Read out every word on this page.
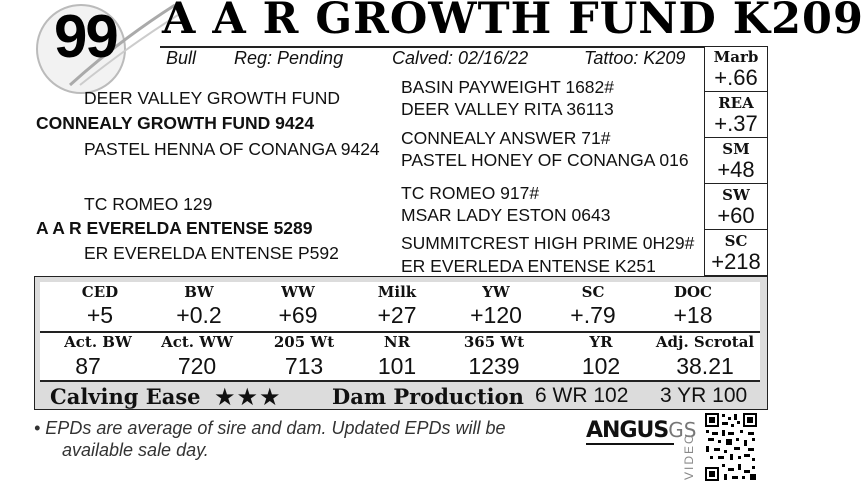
99 A A R GROWTH FUND K209
Bull Reg: Pending	Calved: 02/16/22	Tattoo: K209
DEER VALLEY GROWTH FUND
CONNEALY GROWTH FUND 9424
PASTEL HENNA OF CONANGA 9424
TC ROMEO 129
A A R EVERELDA ENTENSE 5289
ER EVERELDA ENTENSE P592
BASIN PAYWEIGHT 1682#
DEER VALLEY RITA 36113
CONNEALY ANSWER 71#
PASTEL HONEY OF CONANGA 016
TC ROMEO 917#
MSAR LADY ESTON 0643
SUMMITCREST HIGH PRIME 0H29#
ER EVERLEDA ENTENSE K251
Marb
+.66
REA
+.37
SM
+48
SW
+60
SC
+218
CED	BW	WW	Milk	YW	SC	DOC
+5	+0.2	+69	+27	+120	+.79	+18
Act. BW	Act. WW	205 Wt	NR	365 Wt	YR	Adj. Scrotal
87	720	713	101	1239	102	38.21
Calving Ease ★★★ Dam Production 6 WR 102 3 YR 100
• EPDs are average of sire and dam. Updated EPDs will be
available sale day.
ANGUSGS
VIDEO
